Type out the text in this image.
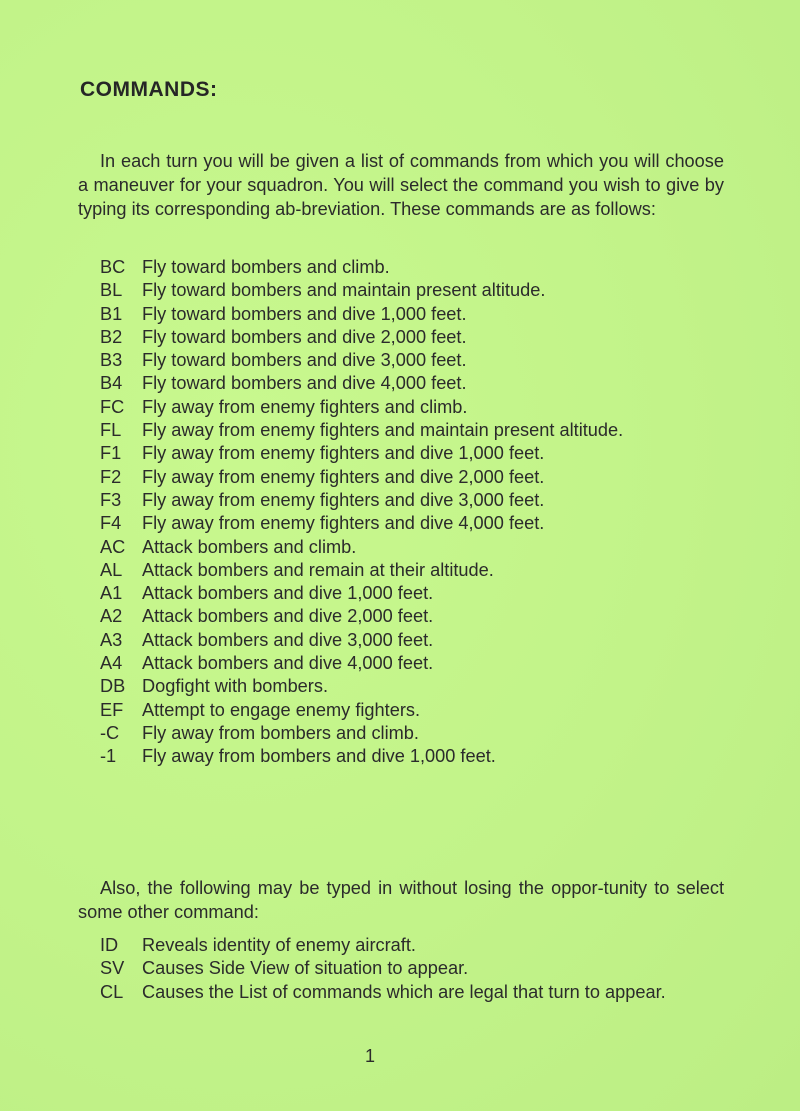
COMMANDS:

In each turn you will be given a list of commands from which you will choose a maneuver for your squadron. You will select the command you wish to give by typing its corresponding ab-breviation. These commands are as follows:

BC Fly toward bombers and climb.
BL	Fly toward bombers and maintain present altitude.
B1	Fly toward bombers and dive 1,000 feet.
B2	Fly toward bombers and dive 2,000 feet.
B3	Fly toward bombers and dive 3,000 feet.
B4	Fly toward bombers and dive 4,000 feet.
FC Fly away from enemy fighters and climb.
FL	Fly away from enemy fighters and maintain present altitude.
F1	Fly away from enemy fighters and dive 1,000 feet.
F2	Fly away from enemy fighters and dive 2,000 feet.
F3	Fly away from enemy fighters and dive 3,000 feet.
F4	Fly away from enemy fighters and dive 4,000 feet.
AC Attack bombers and climb.
AL	Attack bombers and remain at their altitude.
A1	Attack bombers and dive 1,000 feet.
A2	Attack bombers and dive 2,000 feet.
A3	Attack bombers and dive 3,000 feet.
A4	Attack bombers and dive 4,000 feet.
DB Dogfight with bombers.
EF	Attempt to engage enemy fighters.
-C	Fly away from bombers and climb.
-1	Fly away from bombers and dive 1,000 feet.

Also, the following may be typed in without losing the oppor-tunity to select some other command:

ID	Reveals identity of enemy aircraft.
SV Causes Side View of situation to appear.
CL	Causes the List of commands which are legal that turn to appear.
1
